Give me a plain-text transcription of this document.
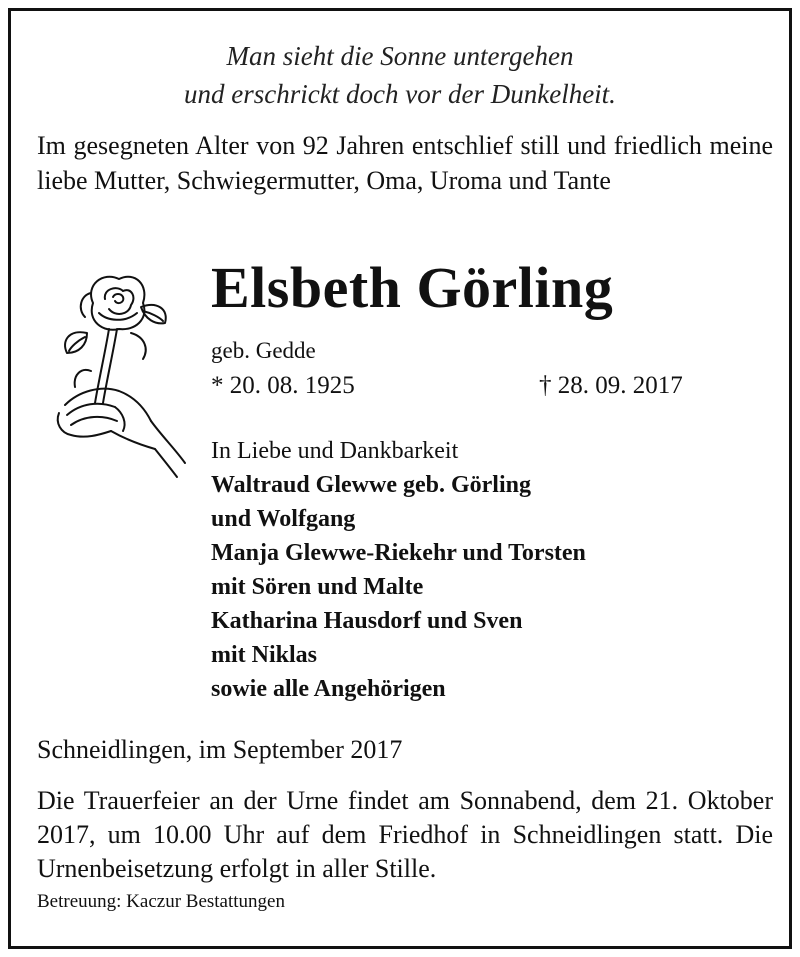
Man sieht die Sonne untergehen
und erschrickt doch vor der Dunkelheit.
Im gesegneten Alter von 92 Jahren entschlief still und friedlich meine liebe Mutter, Schwiegermutter, Oma, Uroma und Tante
Elsbeth Görling
geb. Gedde
* 20. 08. 1925	† 28. 09. 2017
In Liebe und Dankbarkeit
Waltraud Glewwe geb. Görling
und Wolfgang
Manja Glewwe-Riekehr und Torsten
mit Sören und Malte
Katharina Hausdorf und Sven
mit Niklas
sowie alle Angehörigen
Schneidlingen, im September 2017
Die Trauerfeier an der Urne findet am Sonnabend, dem 21. Oktober 2017, um 10.00 Uhr auf dem Friedhof in Schneidlingen statt. Die Urnenbeisetzung erfolgt in aller Stille.
Betreuung: Kaczur Bestattungen
